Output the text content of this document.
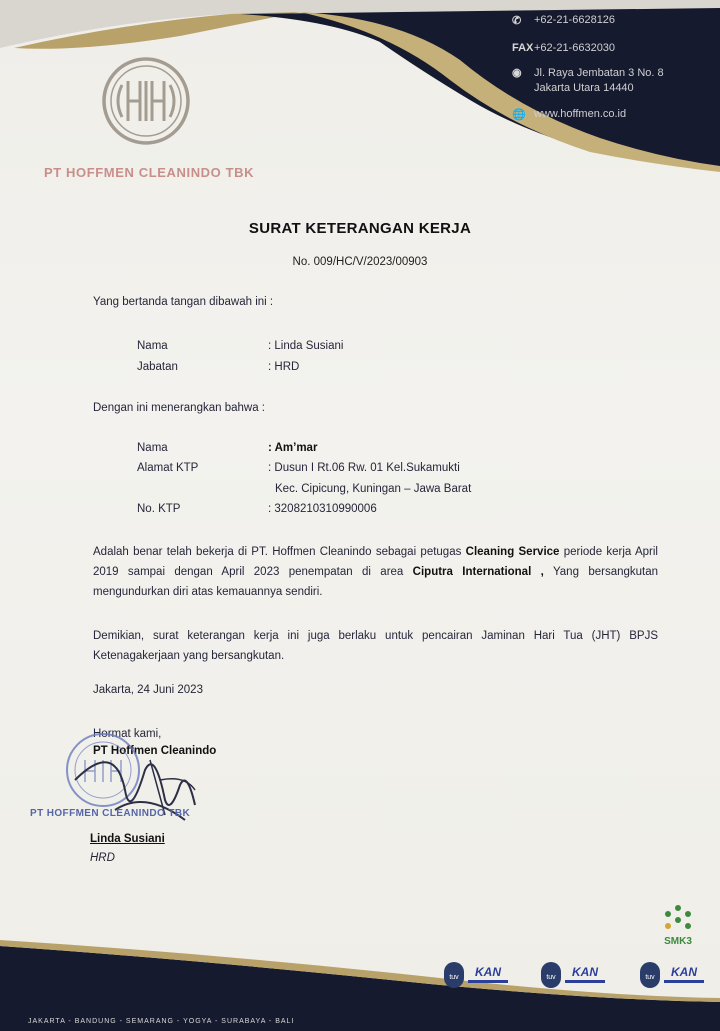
✆	+62-21-6628126
FAX +62-21-6632030
◉	Jl. Raya Jembatan 3 No. 8
Jakarta Utara 14440
🌐 www.hoffmen.co.id
PT HOFFMEN CLEANINDO TBK
SURAT KETERANGAN KERJA
No. 009/HC/V/2023/00903
Yang bertanda tangan dibawah ini :
Nama	: Linda Susiani
Jabatan	: HRD
Dengan ini menerangkan bahwa :
Nama	: Am’mar
Alamat KTP	: Dusun I Rt.06 Rw. 01 Kel.Sukamukti
Kec. Cipicung, Kuningan – Jawa Barat
No. KTP	: 3208210310990006
Adalah benar telah bekerja di PT. Hoffmen Cleanindo sebagai petugas Cleaning Service periode kerja April 2019 sampai dengan April 2023 penempatan di area Ciputra International , Yang bersangkutan mengundurkan diri atas kemauannya sendiri.
Demikian, surat keterangan kerja ini juga berlaku untuk pencairan Jaminan Hari Tua (JHT) BPJS Ketenagakerjaan yang bersangkutan.
Jakarta, 24 Juni 2023
Hormat kami,
PT Hoffmen Cleanindo
PT HOFFMEN CLEANINDO TBK
Linda Susiani
HRD
SMK3
tuv KAN	tuv KAN	tuv KAN
JAKARTA - BANDUNG - SEMARANG - YOGYA - SURABAYA - BALI
